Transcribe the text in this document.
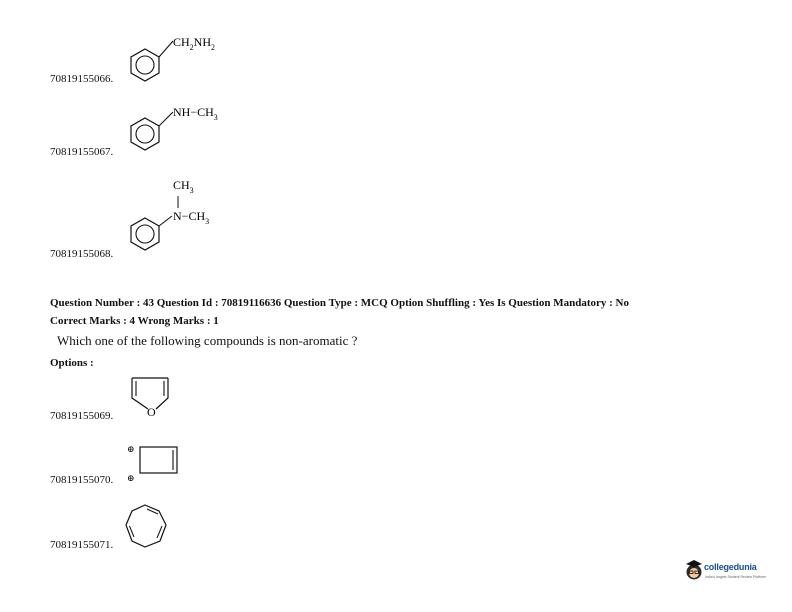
70819155066.
$CH_2NH_2$
70819155067.
$NH-CH_3$
70819155068.
$CH_3$
$N-CH_3$
Question Number : 43 Question Id : 70819116636 Question Type : MCQ Option Shuffling : Yes Is Question Mandatory : No
Correct Marks : 4 Wrong Marks : 1
Which one of the following compounds is non-aromatic ?
Options :
70819155069.	O
70819155070.
⊕
⊕
70819155071.
collegedunia
India's largest Student Review Platform
